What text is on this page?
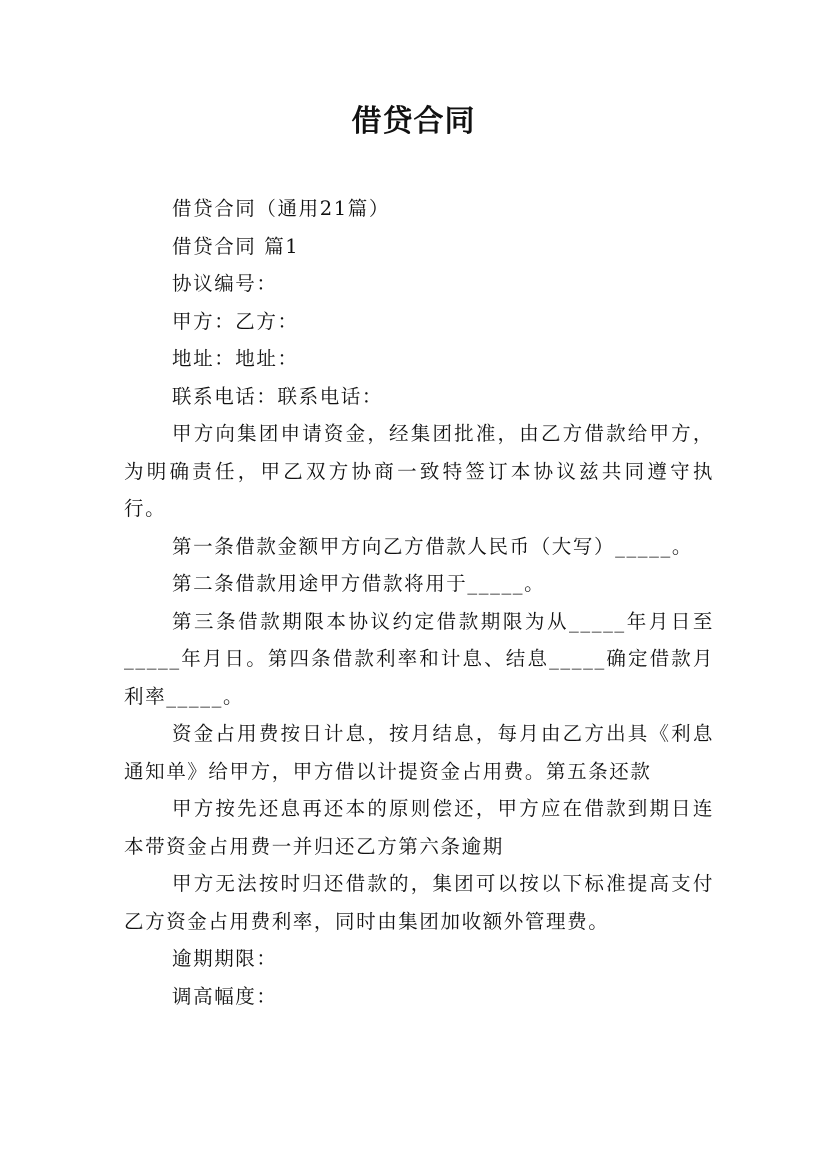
借贷合同

借贷合同（通用21篇）

借贷合同 篇1

协议编号：

甲方：乙方：

地址：地址：

联系电话：联系电话：

甲方向集团申请资金，经集团批准，由乙方借款给甲方，为明确责任，甲乙双方协商一致特签订本协议兹共同遵守执行。

第一条借款金额甲方向乙方借款人民币（大写）_____。

第二条借款用途甲方借款将用于_____。

第三条借款期限本协议约定借款期限为从_____年月日至_____年月日。第四条借款利率和计息、结息_____确定借款月利率_____。

资金占用费按日计息，按月结息，每月由乙方出具《利息通知单》给甲方，甲方借以计提资金占用费。第五条还款

甲方按先还息再还本的原则偿还，甲方应在借款到期日连本带资金占用费一并归还乙方第六条逾期

甲方无法按时归还借款的，集团可以按以下标准提高支付乙方资金占用费利率，同时由集团加收额外管理费。

逾期期限：

调高幅度：
